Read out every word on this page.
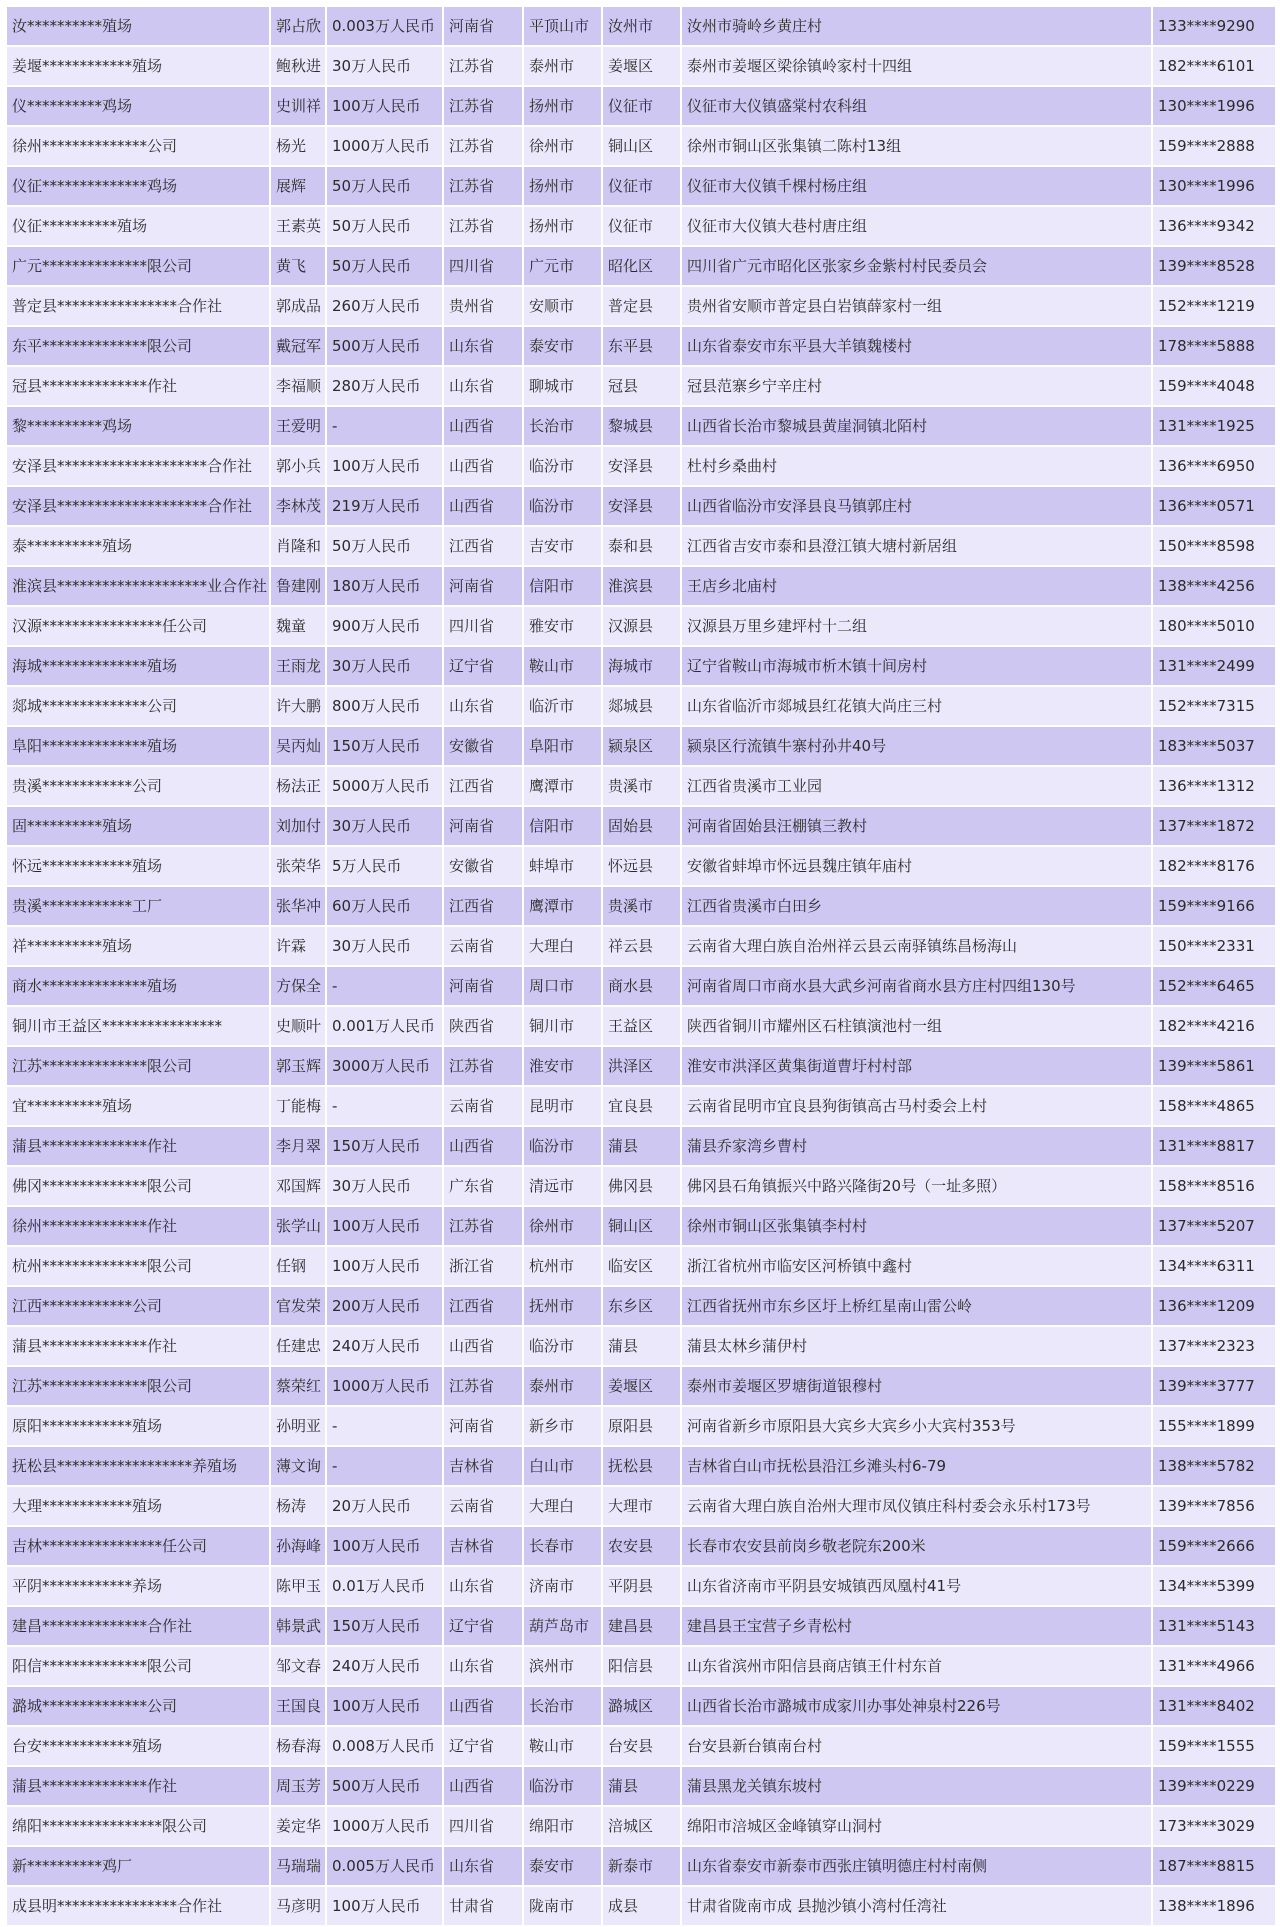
汝**********殖场	郭占欣	0.003万人民币	河南省	平顶山市	汝州市	汝州市骑岭乡黄庄村	133****9290
姜堰************殖场	鲍秋进	30万人民币	江苏省	泰州市	姜堰区	泰州市姜堰区梁徐镇岭家村十四组	182****6101
仪**********鸡场	史训祥	100万人民币	江苏省	扬州市	仪征市	仪征市大仪镇盛棠村农科组	130****1996
徐州**************公司	杨光	1000万人民币	江苏省	徐州市	铜山区	徐州市铜山区张集镇二陈村13组	159****2888
仪征**************鸡场	展辉	50万人民币	江苏省	扬州市	仪征市	仪征市大仪镇千棵村杨庄组	130****1996
仪征**********殖场	王素英	50万人民币	江苏省	扬州市	仪征市	仪征市大仪镇大巷村唐庄组	136****9342
广元**************限公司	黄飞	50万人民币	四川省	广元市	昭化区	四川省广元市昭化区张家乡金紫村村民委员会	139****8528
普定县****************合作社	郭成品	260万人民币	贵州省	安顺市	普定县	贵州省安顺市普定县白岩镇薛家村一组	152****1219
东平**************限公司	戴冠军	500万人民币	山东省	泰安市	东平县	山东省泰安市东平县大羊镇魏楼村	178****5888
冠县**************作社	李福顺	280万人民币	山东省	聊城市	冠县	冠县范寨乡宁辛庄村	159****4048
黎**********鸡场	王爱明	-	山西省	长治市	黎城县	山西省长治市黎城县黄崖洞镇北陌村	131****1925
安泽县********************合作社	郭小兵	100万人民币	山西省	临汾市	安泽县	杜村乡桑曲村	136****6950
安泽县********************合作社	李林茂	219万人民币	山西省	临汾市	安泽县	山西省临汾市安泽县良马镇郭庄村	136****0571
泰**********殖场	肖隆和	50万人民币	江西省	吉安市	泰和县	江西省吉安市泰和县澄江镇大塘村新居组	150****8598
淮滨县********************业合作社	鲁建刚	180万人民币	河南省	信阳市	淮滨县	王店乡北庙村	138****4256
汉源****************任公司	魏童	900万人民币	四川省	雅安市	汉源县	汉源县万里乡建坪村十二组	180****5010
海城**************殖场	王雨龙	30万人民币	辽宁省	鞍山市	海城市	辽宁省鞍山市海城市析木镇十间房村	131****2499
郯城**************公司	许大鹏	800万人民币	山东省	临沂市	郯城县	山东省临沂市郯城县红花镇大尚庄三村	152****7315
阜阳**************殖场	吴丙灿	150万人民币	安徽省	阜阳市	颍泉区	颍泉区行流镇牛寨村孙井40号	183****5037
贵溪************公司	杨法正	5000万人民币	江西省	鹰潭市	贵溪市	江西省贵溪市工业园	136****1312
固**********殖场	刘加付	30万人民币	河南省	信阳市	固始县	河南省固始县汪棚镇三教村	137****1872
怀远************殖场	张荣华	5万人民币	安徽省	蚌埠市	怀远县	安徽省蚌埠市怀远县魏庄镇年庙村	182****8176
贵溪************工厂	张华冲	60万人民币	江西省	鹰潭市	贵溪市	江西省贵溪市白田乡	159****9166
祥**********殖场	许霖	30万人民币	云南省	大理白	祥云县	云南省大理白族自治州祥云县云南驿镇练昌杨海山	150****2331
商水**************殖场	方保全	-	河南省	周口市	商水县	河南省周口市商水县大武乡河南省商水县方庄村四组130号	152****6465
铜川市王益区****************	史顺叶	0.001万人民币	陕西省	铜川市	王益区	陕西省铜川市耀州区石柱镇演池村一组	182****4216
江苏**************限公司	郭玉辉	3000万人民币	江苏省	淮安市	洪泽区	淮安市洪泽区黄集街道曹圩村村部	139****5861
宜**********殖场	丁能梅	-	云南省	昆明市	宜良县	云南省昆明市宜良县狗街镇高古马村委会上村	158****4865
蒲县**************作社	李月翠	150万人民币	山西省	临汾市	蒲县	蒲县乔家湾乡曹村	131****8817
佛冈**************限公司	邓国辉	30万人民币	广东省	清远市	佛冈县	佛冈县石角镇振兴中路兴隆街20号（一址多照）	158****8516
徐州**************作社	张学山	100万人民币	江苏省	徐州市	铜山区	徐州市铜山区张集镇李村村	137****5207
杭州**************限公司	任钢	100万人民币	浙江省	杭州市	临安区	浙江省杭州市临安区河桥镇中鑫村	134****6311
江西************公司	官发荣	200万人民币	江西省	抚州市	东乡区	江西省抚州市东乡区圩上桥红星南山雷公岭	136****1209
蒲县**************作社	任建忠	240万人民币	山西省	临汾市	蒲县	蒲县太林乡蒲伊村	137****2323
江苏**************限公司	蔡荣红	1000万人民币	江苏省	泰州市	姜堰区	泰州市姜堰区罗塘街道银穆村	139****3777
原阳************殖场	孙明亚	-	河南省	新乡市	原阳县	河南省新乡市原阳县大宾乡大宾乡小大宾村353号	155****1899
抚松县******************养殖场	薄文询	-	吉林省	白山市	抚松县	吉林省白山市抚松县沿江乡滩头村6-79	138****5782
大理************殖场	杨涛	20万人民币	云南省	大理白	大理市	云南省大理白族自治州大理市凤仪镇庄科村委会永乐村173号	139****7856
吉林****************任公司	孙海峰	100万人民币	吉林省	长春市	农安县	长春市农安县前岗乡敬老院东200米	159****2666
平阴************养场	陈甲玉	0.01万人民币	山东省	济南市	平阴县	山东省济南市平阴县安城镇西凤凰村41号	134****5399
建昌**************合作社	韩景武	150万人民币	辽宁省	葫芦岛市	建昌县	建昌县王宝营子乡青松村	131****5143
阳信**************限公司	邹文春	240万人民币	山东省	滨州市	阳信县	山东省滨州市阳信县商店镇王什村东首	131****4966
潞城**************公司	王国良	100万人民币	山西省	长治市	潞城区	山西省长治市潞城市成家川办事处神泉村226号	131****8402
台安************殖场	杨春海	0.008万人民币	辽宁省	鞍山市	台安县	台安县新台镇南台村	159****1555
蒲县**************作社	周玉芳	500万人民币	山西省	临汾市	蒲县	蒲县黑龙关镇东坡村	139****0229
绵阳****************限公司	姜定华	1000万人民币	四川省	绵阳市	涪城区	绵阳市涪城区金峰镇穿山洞村	173****3029
新**********鸡厂	马瑞瑞	0.005万人民币	山东省	泰安市	新泰市	山东省泰安市新泰市西张庄镇明德庄村村南侧	187****8815
成县明****************合作社	马彦明	100万人民币	甘肃省	陇南市	成县	甘肃省陇南市成 县抛沙镇小湾村任湾社	138****1896
